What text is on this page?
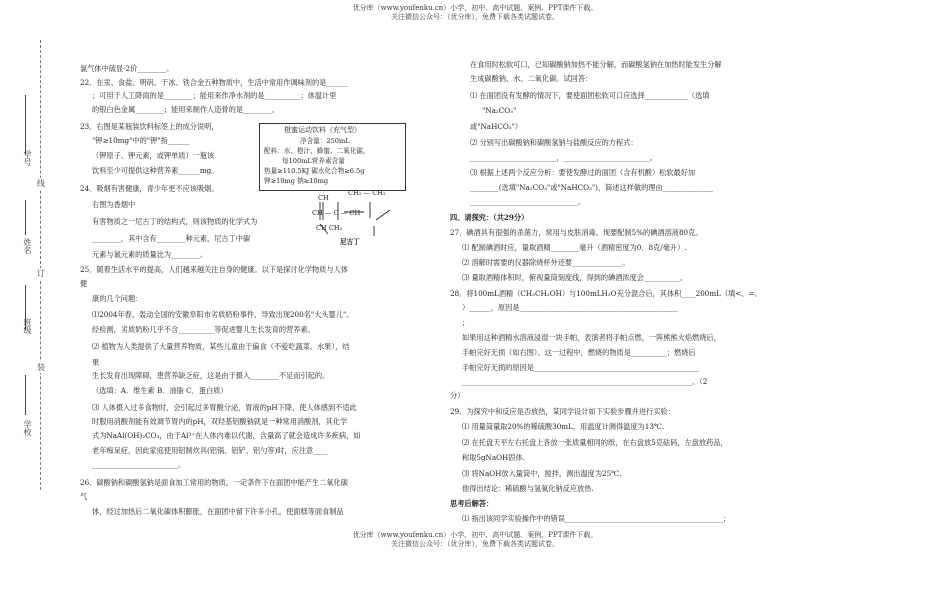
优分库（www.youfenku.cn）小学、初中、高中试题、案例、PPT课件下载。
关注微信公众号：（优分库），免费下载各类试题试卷。
学号
线
姓名
订
班级
装
学校
氯气体中硫显-2价________。
22．在汞、食盐、明矾、干冰、铁合金五种物质中，生活中常用作调味剂的是______
；可用于人工降雨的是________；能用来作净水剂的是__________；体温计里
的银白色金属________；能用来制作人造骨的是________。
23．右图是某瓶装饮料标签上的成分说明，
"钾≥10mg"中的"钾"指______
（钾原子、钾元素，或钾单质）一瓶该
饮料至少可提供这种营养素______mg。
24．吸烟有害健康，青少年更不应该吸烟。
右图为香烟中
有害物质之一尼古丁的结构式，则该物质的化学式为
________，其中含有________种元素，尼古丁中碳
元素与氮元素的质量比为________。
25．随着生活水平的提高，人们越来越关注自身的健康。以下是探讨化学物质与人体
健
康的几个问题：
⑴2004年春，轰动全国的安徽阜阳市劣质奶粉事件，导致出现200名"大头婴儿"。
经检测，劣质奶粉几乎不含__________等促进婴儿生长发育的营养素。
⑵ 植物为人类提供了大量营养物质，某些儿童由于偏食（不爱吃蔬菜、水果），结
果
生长发育出现障碍，患营养缺乏症，这是由于摄入________不足而引起的。
（选填：A．维生素 B．油脂 C．蛋白质）
⑶ 人体摄入过多食物时，会引起过多胃酸分泌，胃液的pH下降，使人体感到不适此
时服用消酸剂能有效调节胃内的pH，双羟基铝酸钠就是一种常用消酸剂，其化学
式为NaAl(OH)₂CO₃，由于Al³⁺在人体内难以代谢，含量高了就会造成许多疾病，如
老年痴呆症，因此家庭使用铝制炊具(铝锅、铝铲、铝勺等)时，应注意____
________________________。
26．碳酸钠和碳酸氢钠是面食加工常用的物质，一定条件下在面团中能产生二氧化碳
气
体，经过加热后二氧化碳体积膨胀，在面团中留下许多小孔，使面糕等面食制品
橙蜜运动饮料（充气型）
净含量：250mL
配料：水、橙汁、蜂蜜、二氧化碳。
每100mL营养素含量
热量≥110.5KJ 碳水化合物≥6.5g
钾≥10mg 钠≥10mg
CH₂ — CH₂
CH
CH — C — CH
CH CH₂
尼古丁
在食用时松软可口，已知碳酸钠加热不能分解，而碳酸氢钠在加热时能发生分解
生成碳酸钠、水、二氧化碳。试回答：
⑴ 在面团没有发酵的情况下，要使面团松软可口应选择____________（选填
"Na₂CO₃"
或"NaHCO₃"）
⑵ 分别写出碳酸钠和碳酸氢钠与盐酸反应的方程式：
________________________，________________________。
⑶ 根据上述两个反应分析：要使发酵过的面团（含有机酸）松软最好加
________(选填"Na₂CO₃"或"NaHCO₃")，简述这样做的理由______________
______________________________。
四、请探究：（共29分）
27．碘酒具有很强的杀菌力，常用与皮肤消毒。现要配制5%的碘酒溶液80克。
⑴ 配制碘酒时应，量取酒精________毫升（酒精密度为0．8克/毫升）.
⑵ 溶解时需要的仪器除烧杯外还要______________。
⑶ 量取酒精体积时，俯视量筒刻度线，得到的碘酒浓度会__________。
28．将100mL酒精（CH₃CH₂OH）与100mLH₂O充分混合后，其体积____200mL（填<、=、
）______，原因是____________________________________________
；
如果用这种酒精水溶液浸湿一块手帕，表演者将手帕点燃，一阵熊熊火焰燃烧后，
手帕完好无损（如右图）。这一过程中，燃烧的物质是__________；燃烧后
手帕完好无损的原因是______________________________________________
________________________________________________________________。（2
分）
29．为探究中和反应是否放热，某同学设计如下实验步骤并进行实验：
⑴ 用量筒量取20%的稀硫酸30mL，用温度计测得温度为13℃.
⑵ 在托盘天平左右托盘上各放一张质量相同的纸，在右盘放5克砝码，左盘放药品，
称取5gNaOH固体.
⑶ 将NaOH放入量筒中，搅拌，测出温度为25℃.
他得出结论：稀硫酸与氢氧化钠反应放热.
思考后解答：
⑴ 指出该同学实验操作中的错误____________________________________________；
优分库（www.youfenku.cn）小学、初中、高中试题、案例、PPT课件下载。
关注微信公众号：（优分库），免费下载各类试题试卷。
